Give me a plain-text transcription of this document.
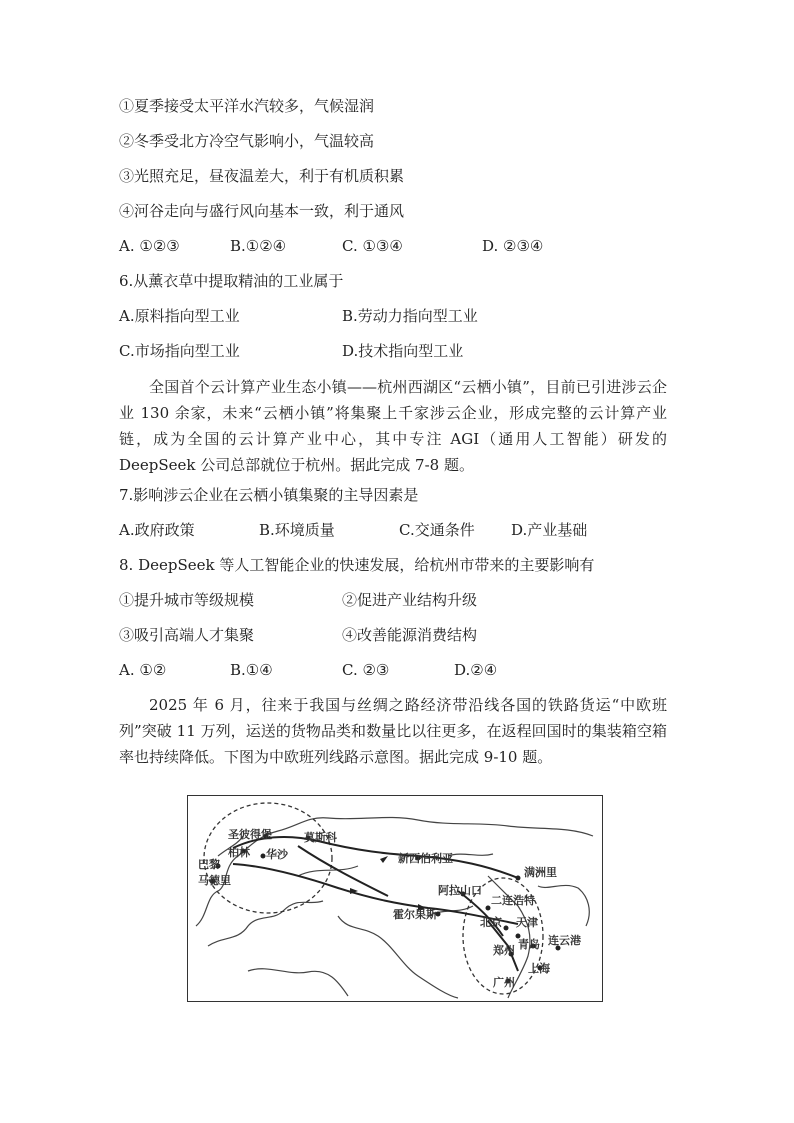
①夏季接受太平洋水汽较多，气候湿润
②冬季受北方冷空气影响小，气温较高
③光照充足，昼夜温差大，利于有机质积累
④河谷走向与盛行风向基本一致，利于通风
A. ①②③	B.①②④	C. ①③④	D. ②③④
6.从薰衣草中提取精油的工业属于
A.原料指向型工业	B.劳动力指向型工业
C.市场指向型工业	D.技术指向型工业
全国首个云计算产业生态小镇——杭州西湖区“云栖小镇”，目前已引进涉云企业 130 余家，未来“云栖小镇”将集聚上千家涉云企业，形成完整的云计算产业链，成为全国的云计算产业中心，其中专注 AGI（通用人工智能）研发的 DeepSeek 公司总部就位于杭州。据此完成 7-8 题。
7.影响涉云企业在云栖小镇集聚的主导因素是
A.政府政策	B.环境质量	C.交通条件 D.产业基础
8. DeepSeek 等人工智能企业的快速发展，给杭州市带来的主要影响有
①提升城市等级规模	②促进产业结构升级
③吸引高端人才集聚	④改善能源消费结构
A. ①②	B.①④	C. ②③	D.②④
2025 年 6 月，往来于我国与丝绸之路经济带沿线各国的铁路货运“中欧班列”突破 11 万列，运送的货物品类和数量比以往更多，在返程回国时的集装箱空箱率也持续降低。下图为中欧班列线路示意图。据此完成 9-10 题。
圣彼得堡	莫斯科
柏林 华沙
巴黎
马德里
新西伯利亚
满洲里
阿拉山口
霍尔果斯
北京 天津
郑州 青岛 连云港
上海
广州
二连浩特
